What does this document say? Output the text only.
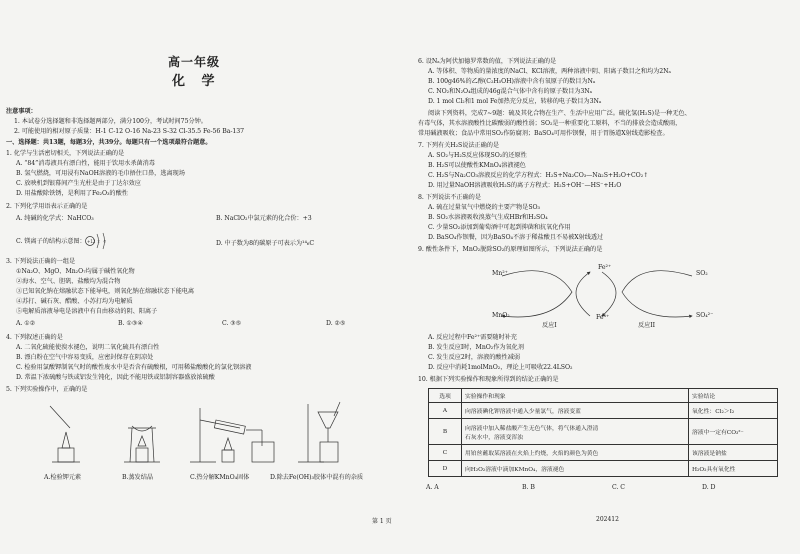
高一年级
化 学
注意事项：
1. 本试卷分选择题和非选择题两部分，满分100分，考试时间75分钟。
2. 可能使用的相对原子质量：H-1 C-12 O-16 Na-23 S-32 Cl-35.5 Fe-56 Ba-137
一、选择题：共13题，每题3分，共39分。每题只有一个选项最符合题意。
1. 化学与生活密切相关，下列说法正确的是
A. “84”消毒液具有漂白性，能用于饮用水杀菌消毒
B. 氢气燃烧，可用浸有NaOH溶液的毛巾捂住口鼻，逃离现场
C. 放映机到银幕间产生光柱是由于丁达尔效应
D. 用盐酸除铁锈，是利用了Fe₂O₃的酸性
2. 下列化学用语表示正确的是
A. 纯碱的化学式：NaHCO₃	B. NaClO₂中氯元素的化合价：+3
C. 镁离子的结构示意图： +12 2 8	D. 中子数为8的碳原子可表示为¹⁴₆C
3. 下列说法正确的一组是
①Na₂O、MgO、Mn₂O₇均属于碱性氧化物
②海水、空气、胆矾、盐酸均为混合物
③已知氧化钠在熔融状态下能导电，则氧化钠在熔融状态下能电离
④苏打、碱石灰、醋酸、小苏打均为电解质
⑤电解质溶液导电是溶液中有自由移动的阴、阳离子
A. ①②	B. ①③④	C. ③⑤	D. ②⑤
4. 下列叙述正确的是
A. 二氧化硫能使溴水褪色，说明二氧化硫具有漂白性
B. 漂白粉在空气中容易变质，应密封保存在阴凉处
C. 检验用氯酸钾制氧气时的酸性废水中是否含有硫酸根，可用稀盐酸酸化的氯化钡溶液
D. 常温下浓硫酸与铁或铝发生钝化，因此不能用铁或铝制容器盛放浓硫酸
5. 下列实验操作中，正确的是
A.检验钾元素	B.蒸发结晶	C.热分解KMnO₄固体	D.除去Fe(OH)₃胶体中混有的杂质
6. 设Nₐ为阿伏加德罗常数的值，下列说法正确的是
A. 等体积、等物质的量浓度的NaCl、KCl溶液，两种溶液中阴、阳离子数目之和均为2Nₐ
B. 100g46%的乙醇(C₂H₅OH)溶液中含有氧原子的数目为Nₐ
C. NO₂和N₂O₄组成的46g混合气体中含有的原子数目为3Nₐ
D. 1 mol Cl₂和1 mol Fe加热充分反应，转移的电子数目为3Nₐ
阅读下列资料，完成7~9题：硫及其化合物在生产、生活中应用广泛。硫化氢(H₂S)是一种无色、
有毒气体，其水溶液酸性比碳酸弱的酸性弱；SO₂是一种重要化工原料，不当的排放会造成酸雨，
常用碱液吸收；食品中常用SO₂作防腐剂；BaSO₄可用作钡餐，用于胃肠道X射线造影检查。
7. 下列有关H₂S说法正确的是
A. SO₂与H₂S反应体现SO₂的还原性
B. H₂S可以使酸性KMnO₄溶液褪色
C. H₂S与Na₂CO₃溶液反应的化学方程式：H₂S+Na₂CO₃—Na₂S+H₂O+CO₂↑
D. 用过量NaOH溶液吸收H₂S的离子方程式：H₂S+OH⁻—HS⁻+H₂O
8. 下列说法不正确的是
A. 硫在过量氧气中燃烧的主要产物是SO₃
B. SO₂水溶液吸收溴蒸气生成HBr和H₂SO₄
C. 少量SO₂添加到葡萄酒中可起到抑菌和抗氧化作用
D. BaSO₄作钡餐，因为BaSO₄不溶于稀盐酸且不易被X射线透过
9. 酸性条件下，MnO₂脱除SO₂的原理如图所示，下列说法正确的是
Mn²⁺
Fe²⁺
SO₂
MnO₂	Fe³⁺	SO₄²⁻
反应I	反应II
A. 反应过程中Fe²⁺需要随时补充
B. 发生反应I时，MnO₂作为氧化剂
C. 发生反应2时，溶液的酸性减弱
D. 反应中消耗1molMnO₂，理论上可吸收22.4LSO₂
10. 根据下列实验操作和现象所得到的结论正确的是
选项	实验操作和现象	实验结论
A	向溶液碘化钾溶液中通入少量氯气，溶液变蓝	氧化性：Cl₂＞I₂
B	向溶液中加入稀盐酸产生无色气体，将气体通入澄清
石灰水中，溶液变浑浊	溶液中一定有CO₃²⁻
C	用铂丝蘸取某溶液在火焰上灼烧，火焰的颜色为黄色	该溶液是钠盐
D	向H₂O₂溶液中滴加KMnO₄，溶液褪色	H₂O₂具有氧化性
A. A	B. B	C. C	D. D
第 1 页	202412
